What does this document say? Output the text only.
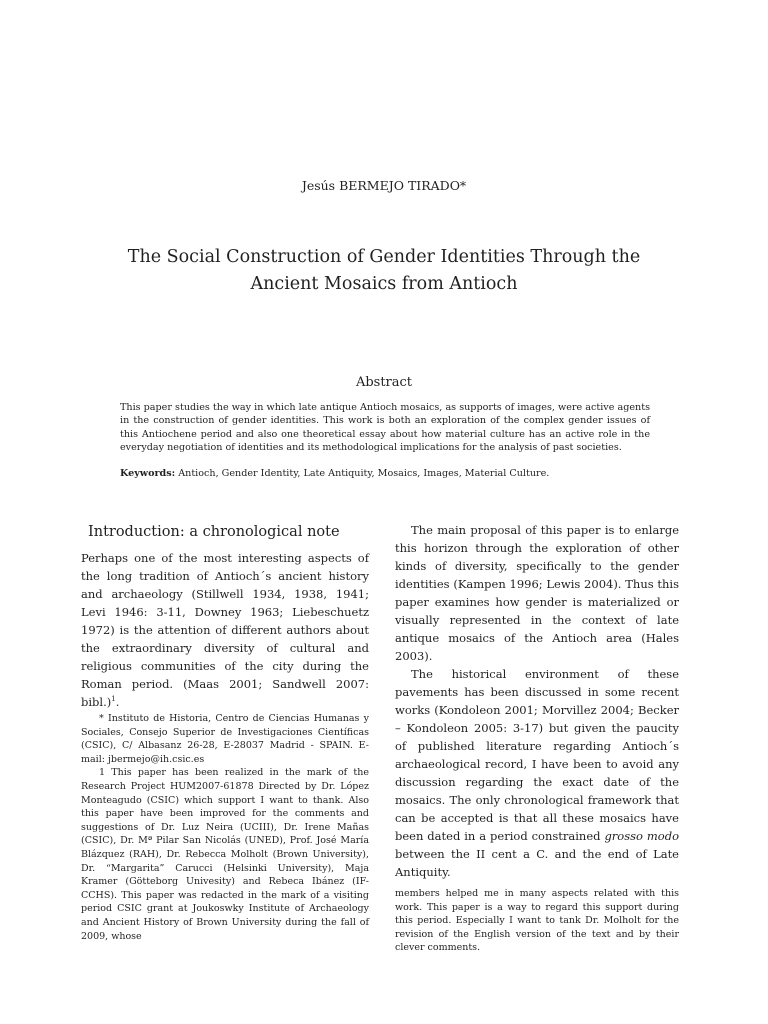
Jesús BERMEJO TIRADO*
The Social Construction of Gender Identities Through the
Ancient Mosaics from Antioch
Abstract
This paper studies the way in which late antique Antioch mosaics, as supports of images, were active agents in the construction of gender identities. This work is both an exploration of the complex gender issues of this Antiochene period and also one theoretical essay about how material culture has an active role in the everyday negotiation of identities and its methodological implications for the analysis of past societies.
Keywords: Antioch, Gender Identity, Late Antiquity, Mosaics, Images, Material Culture.
Introduction: a chronological note

Perhaps one of the most interesting aspects of the long tradition of Antioch´s ancient history and archaeology (Stillwell 1934, 1938, 1941; Levi 1946: 3-11, Downey 1963; Liebeschuetz 1972) is the attention of different authors about the extraordinary diversity of cultural and religious communities of the city during the Roman period. (Maas 2001; Sandwell 2007: bibl.)$^1$.

* Instituto de Historia, Centro de Ciencias Humanas y Sociales, Consejo Superior de Investigaciones Científicas (CSIC), C/ Albasanz 26-28, E-28037 Madrid - SPAIN. E-mail: jbermejo@ih.csic.es

1 This paper has been realized in the mark of the Research Project HUM2007-61878 Directed by Dr. López Monteagudo (CSIC) which support I want to thank. Also this paper have been improved for the comments and suggestions of Dr. Luz Neira (UCIII), Dr. Irene Mañas (CSIC), Dr. Mª Pilar San Nicolás (UNED), Prof. José María Blázquez (RAH), Dr. Rebecca Molholt (Brown University), Dr. “Margarita” Carucci (Helsinki University), Maja Kramer (Götteborg Univesity) and Rebeca Ibánez (IF-CCHS). This paper was redacted in the mark of a visiting period CSIC grant at Joukoswky Institute of Archaeology and Ancient History of Brown University during the fall of 2009, whose

The main proposal of this paper is to enlarge this horizon through the exploration of other kinds of diversity, specifically to the gender identities (Kampen 1996; Lewis 2004). Thus this paper examines how gender is materialized or visually represented in the context of late antique mosaics of the Antioch area (Hales 2003).

The historical environment of these pavements has been discussed in some recent works (Kondoleon 2001; Morvillez 2004; Becker – Kondoleon 2005: 3-17) but given the paucity of published literature regarding Antioch´s archaeological record, I have been to avoid any discussion regarding the exact date of the mosaics. The only chronological framework that can be accepted is that all these mosaics have been dated in a period constrained grosso modo between the II cent a C. and the end of Late Antiquity.

members helped me in many aspects related with this work. This paper is a way to regard this support during this period. Especially I want to tank Dr. Molholt for the revision of the English version of the text and by their clever comments.
